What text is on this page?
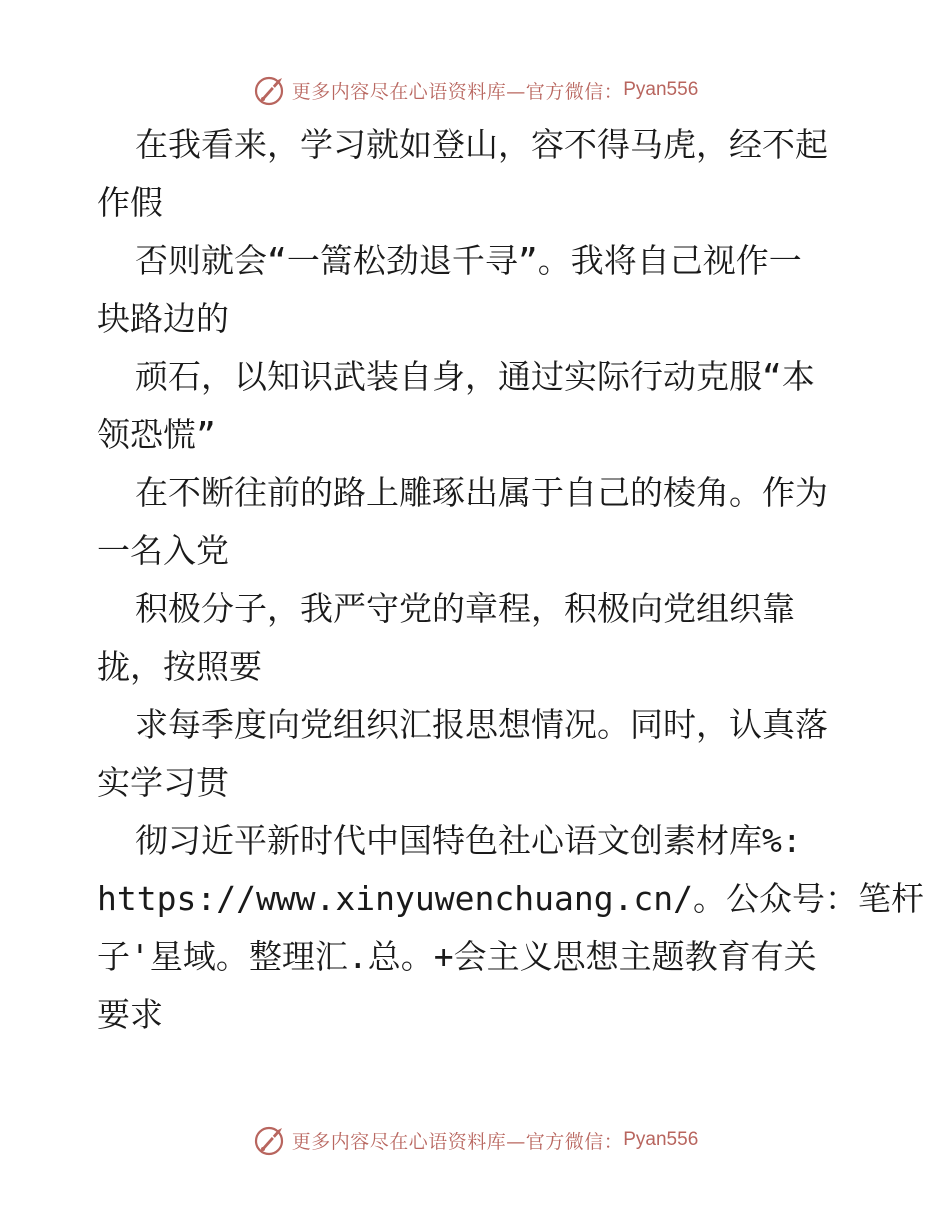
更多内容尽在心语资料库—官方微信： Pyan556
在我看来，学习就如登山，容不得马虎，经不起
作假
否则就会“一篙松劲退千寻”。我将自己视作一
块路边的
顽石，以知识武装自身，通过实际行动克服“本
领恐慌”
在不断往前的路上雕琢出属于自己的棱角。作为
一名入党
积极分子，我严守党的章程，积极向党组织靠
拢，按照要
求每季度向党组织汇报思想情况。同时，认真落
实学习贯
彻习近平新时代中国特色社心语文创素材库%:
https://www.xinyuwenchuang.cn/。公众号：笔杆
子'星域。整理汇.总。+会主义思想主题教育有关
要求
更多内容尽在心语资料库—官方微信： Pyan556
